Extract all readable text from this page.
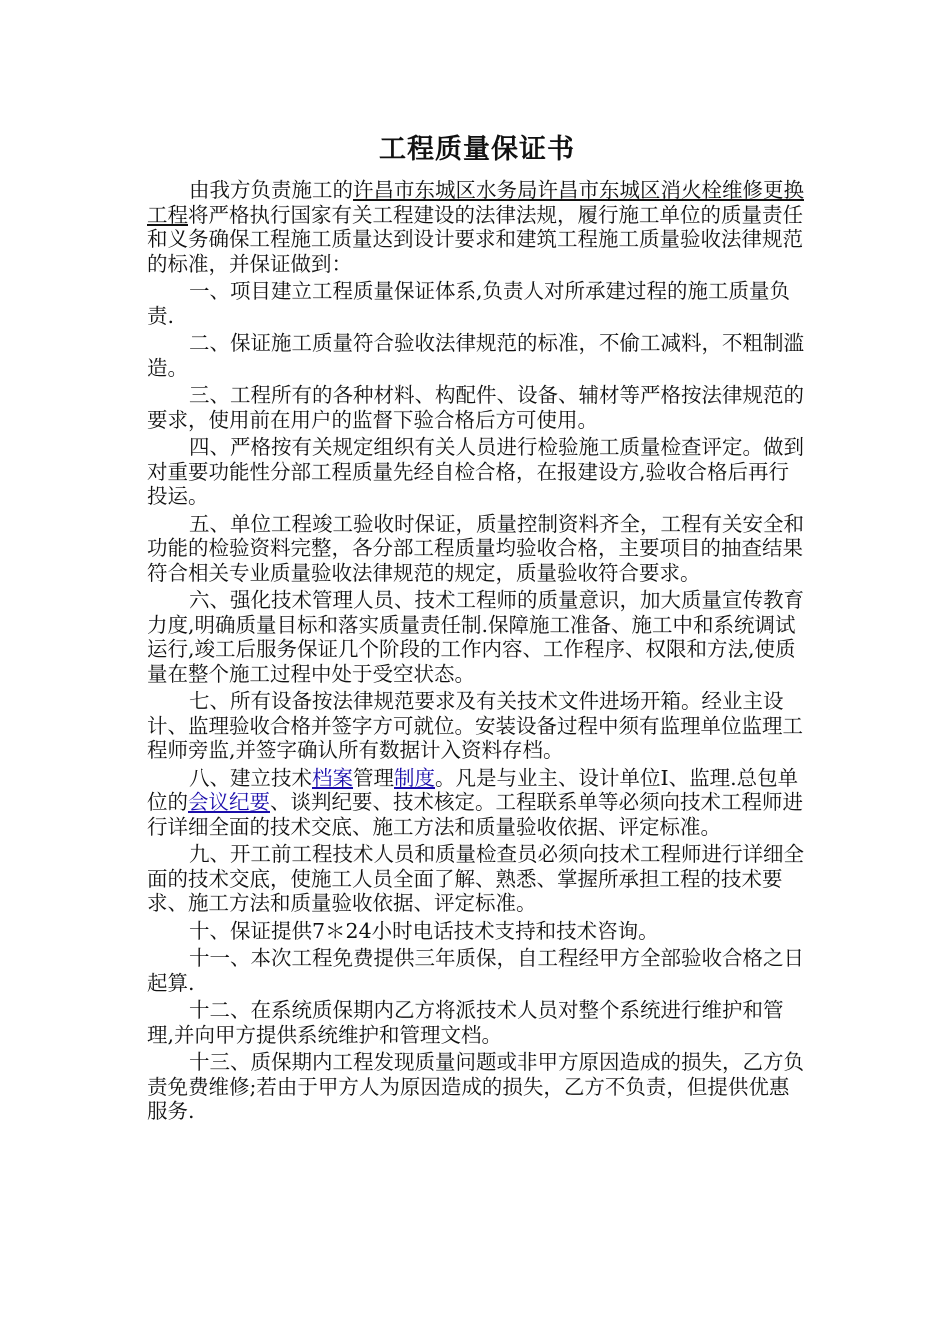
工程质量保证书

由我方负责施工的许昌市东城区水务局许昌市东城区消火栓维修更换工程将严格执行国家有关工程建设的法律法规，履行施工单位的质量责任和义务确保工程施工质量达到设计要求和建筑工程施工质量验收法律规范的标准，并保证做到：

一、项目建立工程质量保证体系,负责人对所承建过程的施工质量负责.

二、保证施工质量符合验收法律规范的标准，不偷工减料，不粗制滥造。

三、工程所有的各种材料、构配件、设备、辅材等严格按法律规范的要求，使用前在用户的监督下验合格后方可使用。

四、严格按有关规定组织有关人员进行检验施工质量检查评定。做到对重要功能性分部工程质量先经自检合格，在报建设方,验收合格后再行投运。

五、单位工程竣工验收时保证，质量控制资料齐全，工程有关安全和功能的检验资料完整，各分部工程质量均验收合格，主要项目的抽查结果符合相关专业质量验收法律规范的规定，质量验收符合要求。

六、强化技术管理人员、技术工程师的质量意识，加大质量宣传教育力度,明确质量目标和落实质量责任制.保障施工准备、施工中和系统调试运行,竣工后服务保证几个阶段的工作内容、工作程序、权限和方法,使质量在整个施工过程中处于受空状态。

七、所有设备按法律规范要求及有关技术文件进场开箱。经业主设计、监理验收合格并签字方可就位。安装设备过程中须有监理单位监理工程师旁监,并签字确认所有数据计入资料存档。

八、建立技术档案管理制度。凡是与业主、设计单位Ⅰ、监理.总包单位的会议纪要、谈判纪要、技术核定。工程联系单等必须向技术工程师进行详细全面的技术交底、施工方法和质量验收依据、评定标准。

九、开工前工程技术人员和质量检查员必须向技术工程师进行详细全面的技术交底，使施工人员全面了解、熟悉、掌握所承担工程的技术要求、施工方法和质量验收依据、评定标准。

十、保证提供7＊24小时电话技术支持和技术咨询。

十一、本次工程免费提供三年质保，自工程经甲方全部验收合格之日起算.

十二、在系统质保期内乙方将派技术人员对整个系统进行维护和管理,并向甲方提供系统维护和管理文档。

十三、质保期内工程发现质量问题或非甲方原因造成的损失，乙方负责免费维修;若由于甲方人为原因造成的损失，乙方不负责，但提供优惠服务.
